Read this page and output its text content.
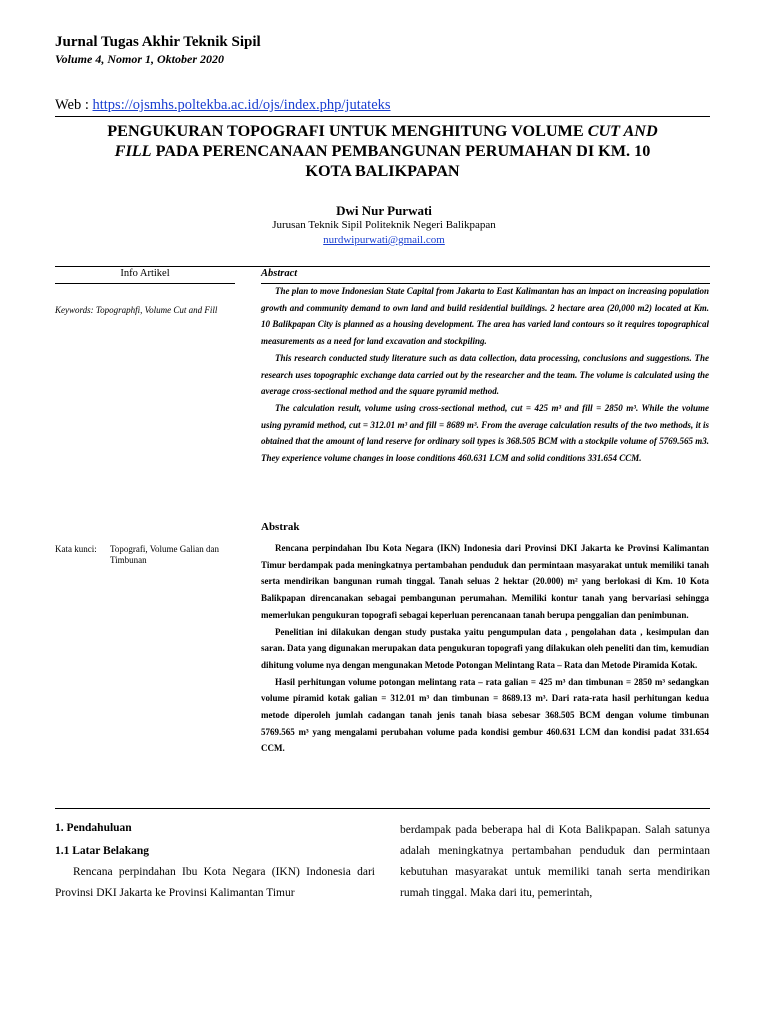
Jurnal Tugas Akhir Teknik Sipil
Volume 4, Nomor 1, Oktober 2020
Web : https://ojsmhs.poltekba.ac.id/ojs/index.php/jutateks
PENGUKURAN TOPOGRAFI UNTUK MENGHITUNG VOLUME CUT AND
FILL PADA PERENCANAAN PEMBANGUNAN PERUMAHAN DI KM. 10
KOTA BALIKPAPAN
Dwi Nur Purwati
Jurusan Teknik Sipil Politeknik Negeri Balikpapan
nurdwipurwati@gmail.com
Info Artikel	Abstract
Keywords: Topographfi, Volume Cut and Fill

The plan to move Indonesian State Capital from Jakarta to East Kalimantan has an impact on increasing population growth and community demand to own land and build residential buildings. 2 hectare area (20,000 m2) located at Km. 10 Balikpapan City is planned as a housing development. The area has varied land contours so it requires topographical measurements as a need for land excavation and stockpiling.

This research conducted study literature such as data collection, data processing, conclusions and suggestions. The research uses topographic exchange data carried out by the researcher and the team. The volume is calculated using the average cross-sectional method and the square pyramid method.

The calculation result, volume using cross-sectional method, cut = 425 m³ and fill = 2850 m³. While the volume using pyramid method, cut = 312.01 m³ and fill = 8689 m³. From the average calculation results of the two methods, it is obtained that the amount of land reserve for ordinary soil types is 368.505 BCM with a stockpile volume of 5769.565 m3. They experience volume changes in loose conditions 460.631 LCM and solid conditions 331.654 CCM.

Abstrak
Kata kunci: Topografi, Volume Galian dan Timbunan

Rencana perpindahan Ibu Kota Negara (IKN) Indonesia dari Provinsi DKI Jakarta ke Provinsi Kalimantan Timur berdampak pada meningkatnya pertambahan penduduk dan permintaan masyarakat untuk memiliki tanah serta mendirikan bangunan rumah tinggal. Tanah seluas 2 hektar (20.000) m² yang berlokasi di Km. 10 Kota Balikpapan direncanakan sebagai pembangunan perumahan. Memiliki kontur tanah yang bervariasi sehingga memerlukan pengukuran topografi sebagai keperluan perencanaan tanah berupa penggalian dan penimbunan.

Penelitian ini dilakukan dengan study pustaka yaitu pengumpulan data , pengolahan data , kesimpulan dan saran. Data yang digunakan merupakan data pengukuran topografi yang dilakukan oleh peneliti dan tim, kemudian dihitung volume nya dengan mengunakan Metode Potongan Melintang Rata – Rata dan Metode Piramida Kotak.

Hasil perhitungan volume potongan melintang rata – rata galian = 425 m³ dan timbunan = 2850 m³ sedangkan volume piramid kotak galian = 312.01 m³ dan timbunan = 8689.13 m³. Dari rata-rata hasil perhitungan kedua metode diperoleh jumlah cadangan tanah jenis tanah biasa sebesar 368.505 BCM dengan volume timbunan 5769.565 m³ yang mengalami perubahan volume pada kondisi gembur 460.631 LCM dan kondisi padat 331.654 CCM.

1. Pendahuluan
1.1 Latar Belakang

Rencana perpindahan Ibu Kota Negara (IKN) Indonesia dari Provinsi DKI Jakarta ke Provinsi Kalimantan Timur

berdampak pada beberapa hal di Kota Balikpapan. Salah satunya adalah meningkatnya pertambahan penduduk dan permintaan kebutuhan masyarakat untuk memiliki tanah serta mendirikan rumah tinggal. Maka dari itu, pemerintah,
